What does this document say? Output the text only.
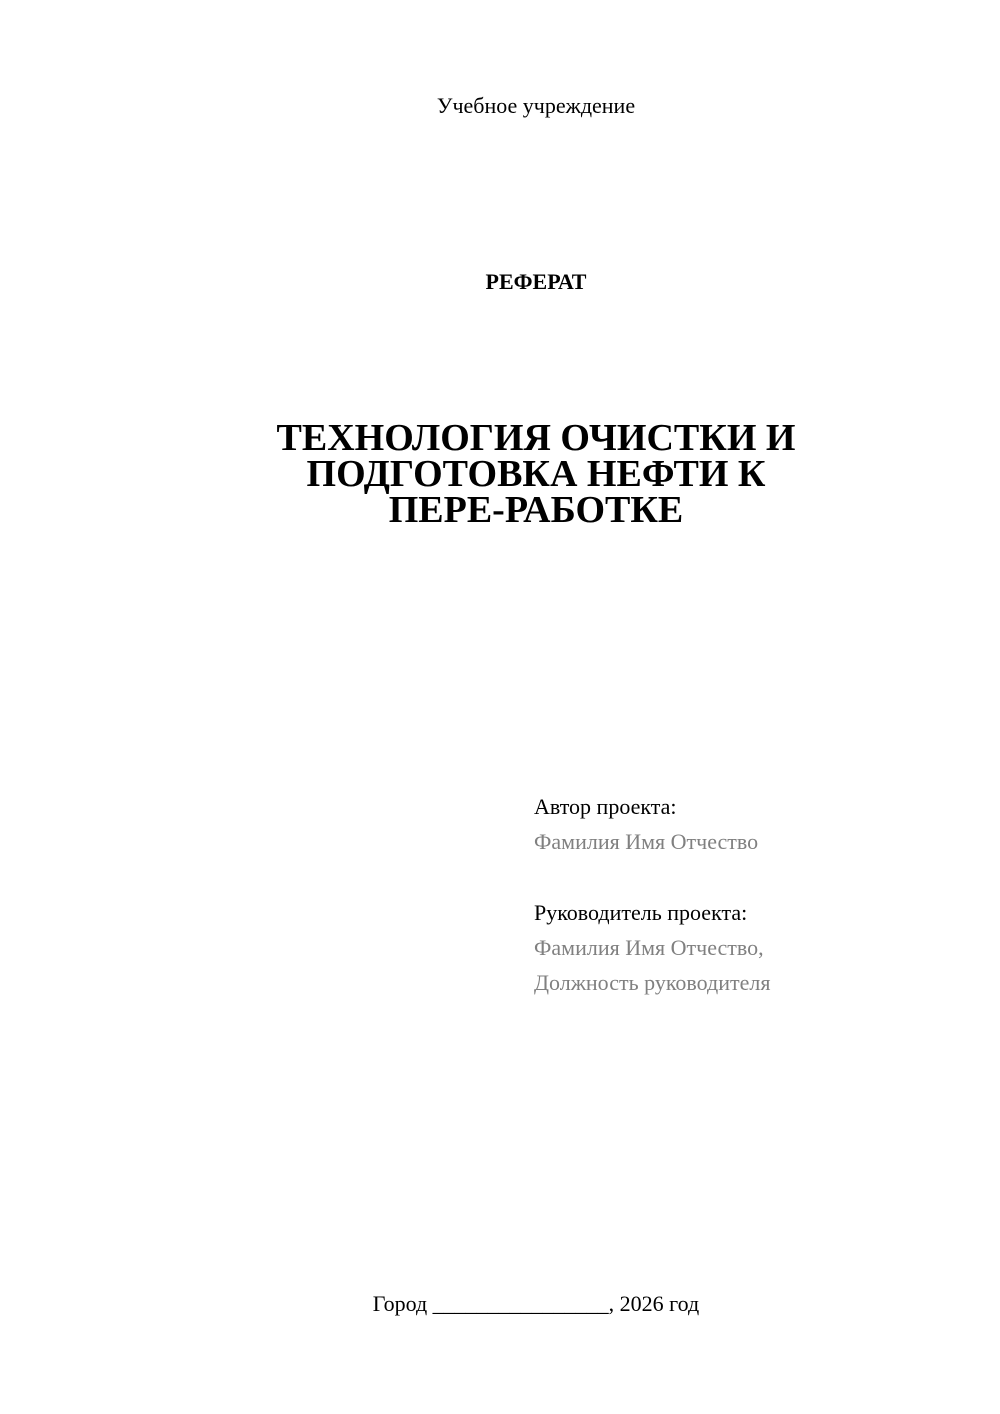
Учебное учреждение
РЕФЕРАТ
ТЕХНОЛОГИЯ ОЧИСТКИ И
ПОДГОТОВКА НЕФТИ К
ПЕРЕ-РАБОТКЕ
Автор проекта:
Фамилия Имя Отчество
Руководитель проекта:
Фамилия Имя Отчество,
Должность руководителя
Город ________________, 2026 год
